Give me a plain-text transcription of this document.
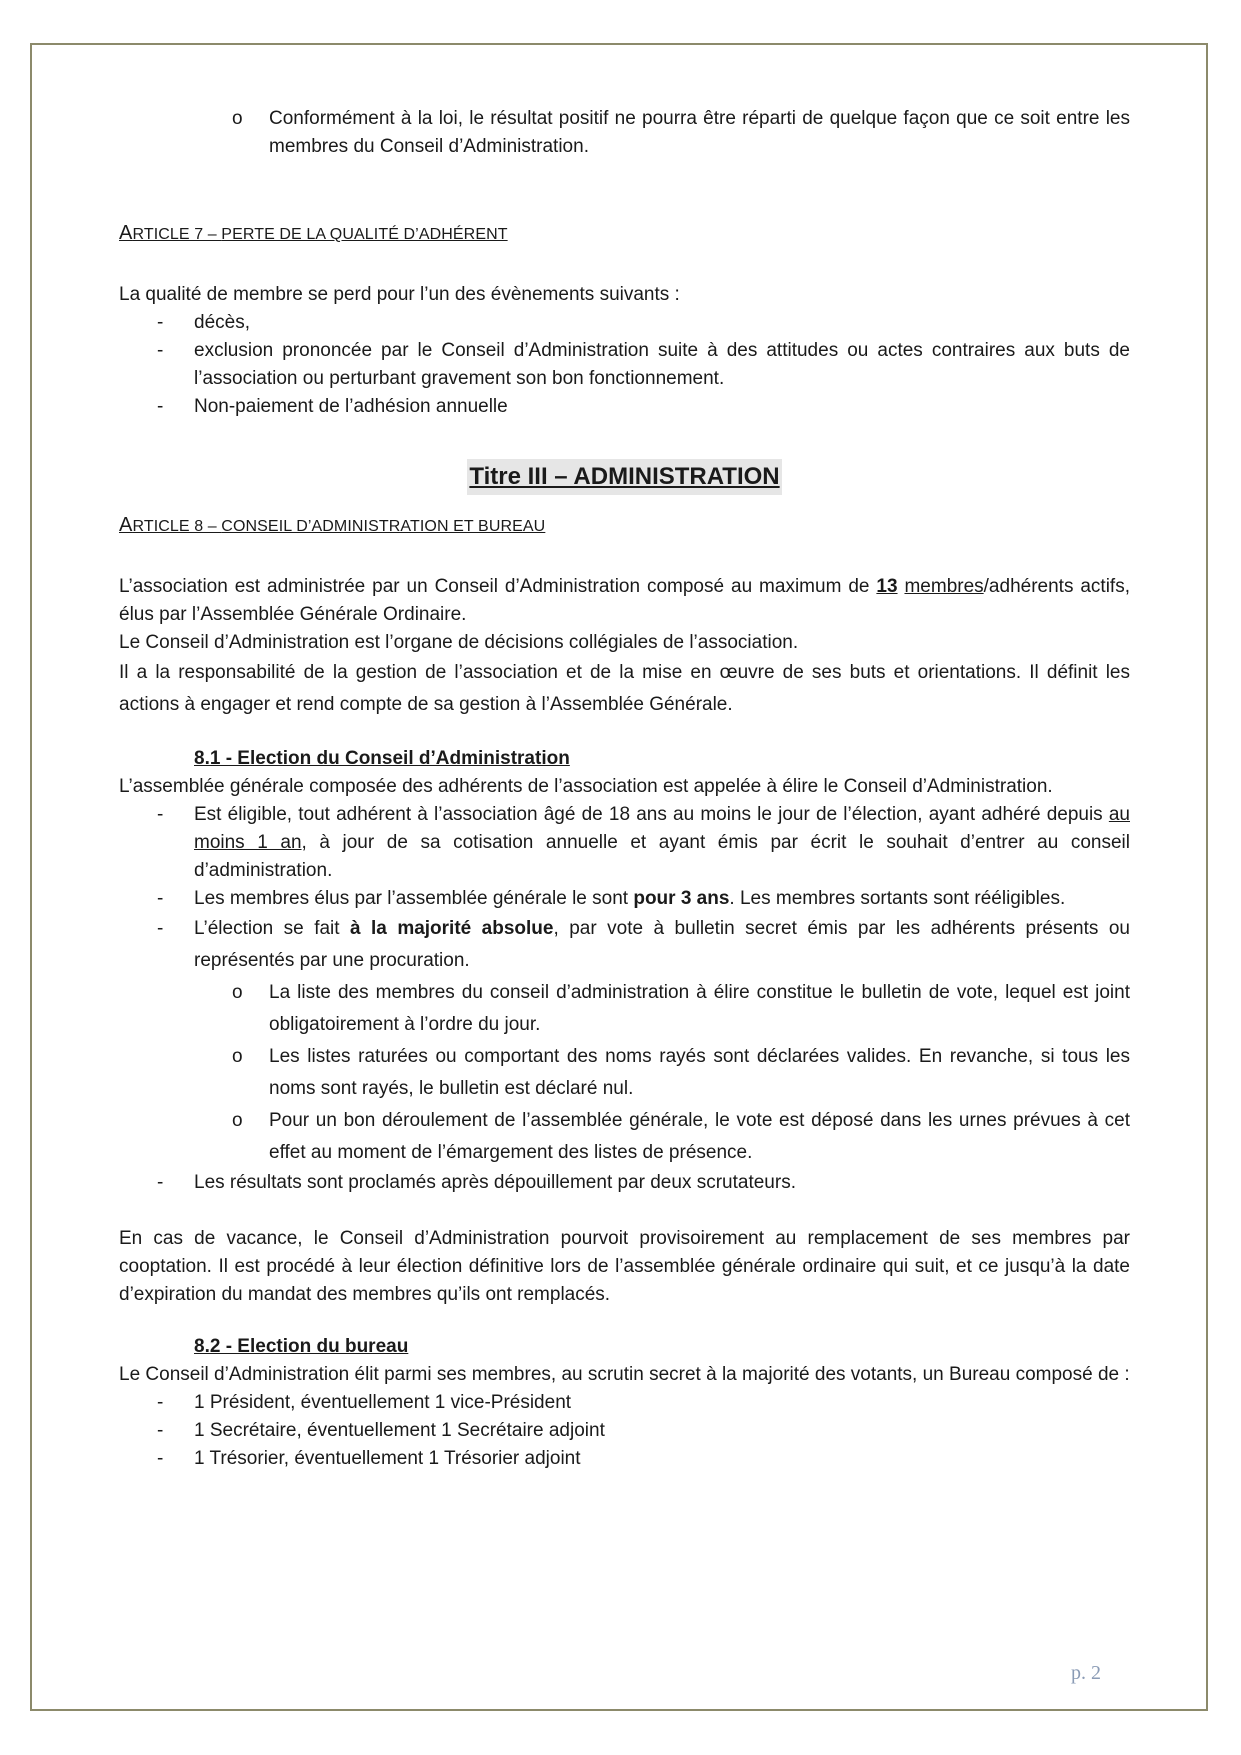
o Conformément à la loi, le résultat positif ne pourra être réparti de quelque façon que ce soit entre les membres du Conseil d’Administration.

ARTICLE 7 – PERTE DE LA QUALITÉ D’ADHÉRENT

La qualité de membre se perd pour l’un des évènements suivants :

- décès,
- exclusion prononcée par le Conseil d’Administration suite à des attitudes ou actes contraires aux buts de l’association ou perturbant gravement son bon fonctionnement.
- Non-paiement de l’adhésion annuelle
Titre III – ADMINISTRATION

ARTICLE 8 – CONSEIL D’ADMINISTRATION ET BUREAU

L’association est administrée par un Conseil d’Administration composé au maximum de 13 membres/adhérents actifs, élus par l’Assemblée Générale Ordinaire.

Le Conseil d’Administration est l’organe de décisions collégiales de l’association.

Il a la responsabilité de la gestion de l’association et de la mise en œuvre de ses buts et orientations. Il définit les actions à engager et rend compte de sa gestion à l’Assemblée Générale.

8.1 - Election du Conseil d’Administration

L’assemblée générale composée des adhérents de l’association est appelée à élire le Conseil d’Administration.

- Est éligible, tout adhérent à l’association âgé de 18 ans au moins le jour de l’élection, ayant adhéré depuis au moins 1 an, à jour de sa cotisation annuelle et ayant émis par écrit le souhait d’entrer au conseil d’administration.
- Les membres élus par l’assemblée générale le sont pour 3 ans. Les membres sortants sont rééligibles.
- L’élection se fait à la majorité absolue, par vote à bulletin secret émis par les adhérents présents ou représentés par une procuration.
o La liste des membres du conseil d’administration à élire constitue le bulletin de vote, lequel est joint obligatoirement à l’ordre du jour.
o Les listes raturées ou comportant des noms rayés sont déclarées valides. En revanche, si tous les noms sont rayés, le bulletin est déclaré nul.
o Pour un bon déroulement de l’assemblée générale, le vote est déposé dans les urnes prévues à cet effet au moment de l’émargement des listes de présence.
- Les résultats sont proclamés après dépouillement par deux scrutateurs.

En cas de vacance, le Conseil d’Administration pourvoit provisoirement au remplacement de ses membres par cooptation. Il est procédé à leur élection définitive lors de l’assemblée générale ordinaire qui suit, et ce jusqu’à la date d’expiration du mandat des membres qu’ils ont remplacés.

8.2 - Election du bureau

Le Conseil d’Administration élit parmi ses membres, au scrutin secret à la majorité des votants, un Bureau composé de :

- 1 Président, éventuellement 1 vice-Président
- 1 Secrétaire, éventuellement 1 Secrétaire adjoint
- 1 Trésorier, éventuellement 1 Trésorier adjoint
p. 2
